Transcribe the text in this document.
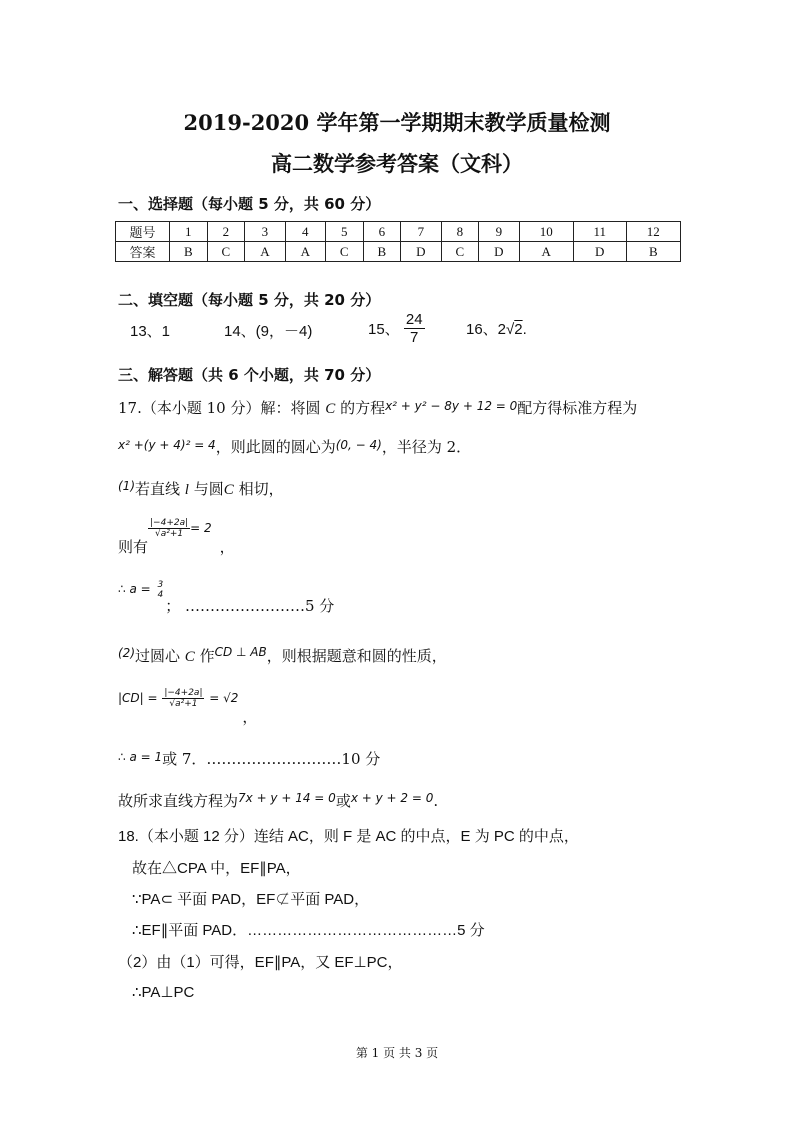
2019-2020 学年第一学期期末教学质量检测
高二数学参考答案（文科）
一、选择题（每小题 5 分，共 60 分）
题号	1	2	3	4	5	6	7	8	9	10	11	12
答案	B	C	A	A	C	B	D	C	D	A	D	B
二、填空题（每小题 5 分，共 20 分）
13、1	14、(9，－4)	15、 $\frac{24}{7}$	16、2√2.
三、解答题（共 6 个小题，共 70 分）
17.（本小题 10 分）解：将圆 C 的方程$^{x^2 + y^2 - 8y + 12 = 0}$配方得标准方程为
$^{x^2 +(y + 4)^2 = 4}$，则此圆的圆心为$^{(0, - 4)}$，半径为 2．
$^{(1)}$若直线 l 与圆C 相切，
则有
$\frac{|-4+2a|}{\text{√a²+1}} ^{= 2}$，
$^{\therefore a =}$ 3
4
； ……………………5 分
$^{(2)}$过圆心 C 作$^{CD \perp AB}$，则根据题意和圆的性质，
$^{|CD| =} \frac{|-4+2a|}{\text{√a²+1}} ^{= √2}$，
$^{\therefore a = 1}$或 7．………………………10 分
故所求直线方程为$^{7x + y + 14 = 0}$或$^{x + y + 2 = 0}$.
18.（本小题 12 分）连结 AC，则 F 是 AC 的中点，E 为 PC 的中点，
故在△CPA 中，EF∥PA，
∵PA⊂ 平面 PAD，EF⊄平面 PAD，
∴EF∥平面 PAD．……………………………………5 分
（2）由（1）可得，EF∥PA，又 EF⊥PC，
∴PA⊥PC
第 1 页 共 3 页
